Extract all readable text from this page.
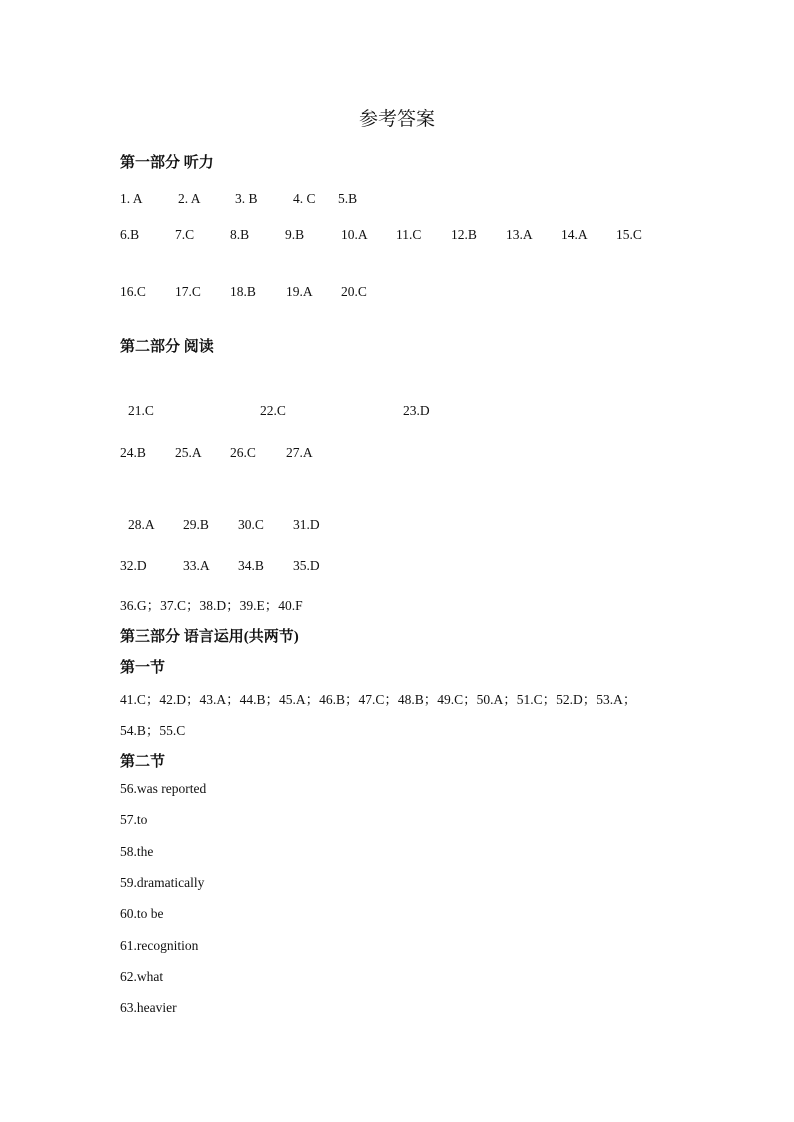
参考答案
第一部分 听力
1. A	2. A	3. B	4. C 5.B
6.B	7.C	8.B	9.B	10.A 11.C 12.B 13.A 14.A 15.C
16.C 17.C 18.B 19.A 20.C
第二部分 阅读
21.C	22.C	23.D
24.B 25.A 26.C 27.A
28.A 29.B 30.C 31.D
32.D	33.A 34.B 35.D
36.G；37.C；38.D；39.E；40.F
第三部分 语言运用(共两节)
第一节
41.C；42.D；43.A；44.B；45.A；46.B；47.C；48.B；49.C；50.A；51.C；52.D；53.A；
54.B；55.C
第二节
56.was reported
57.to
58.the
59.dramatically
60.to be
61.recognition
62.what
63.heavier
